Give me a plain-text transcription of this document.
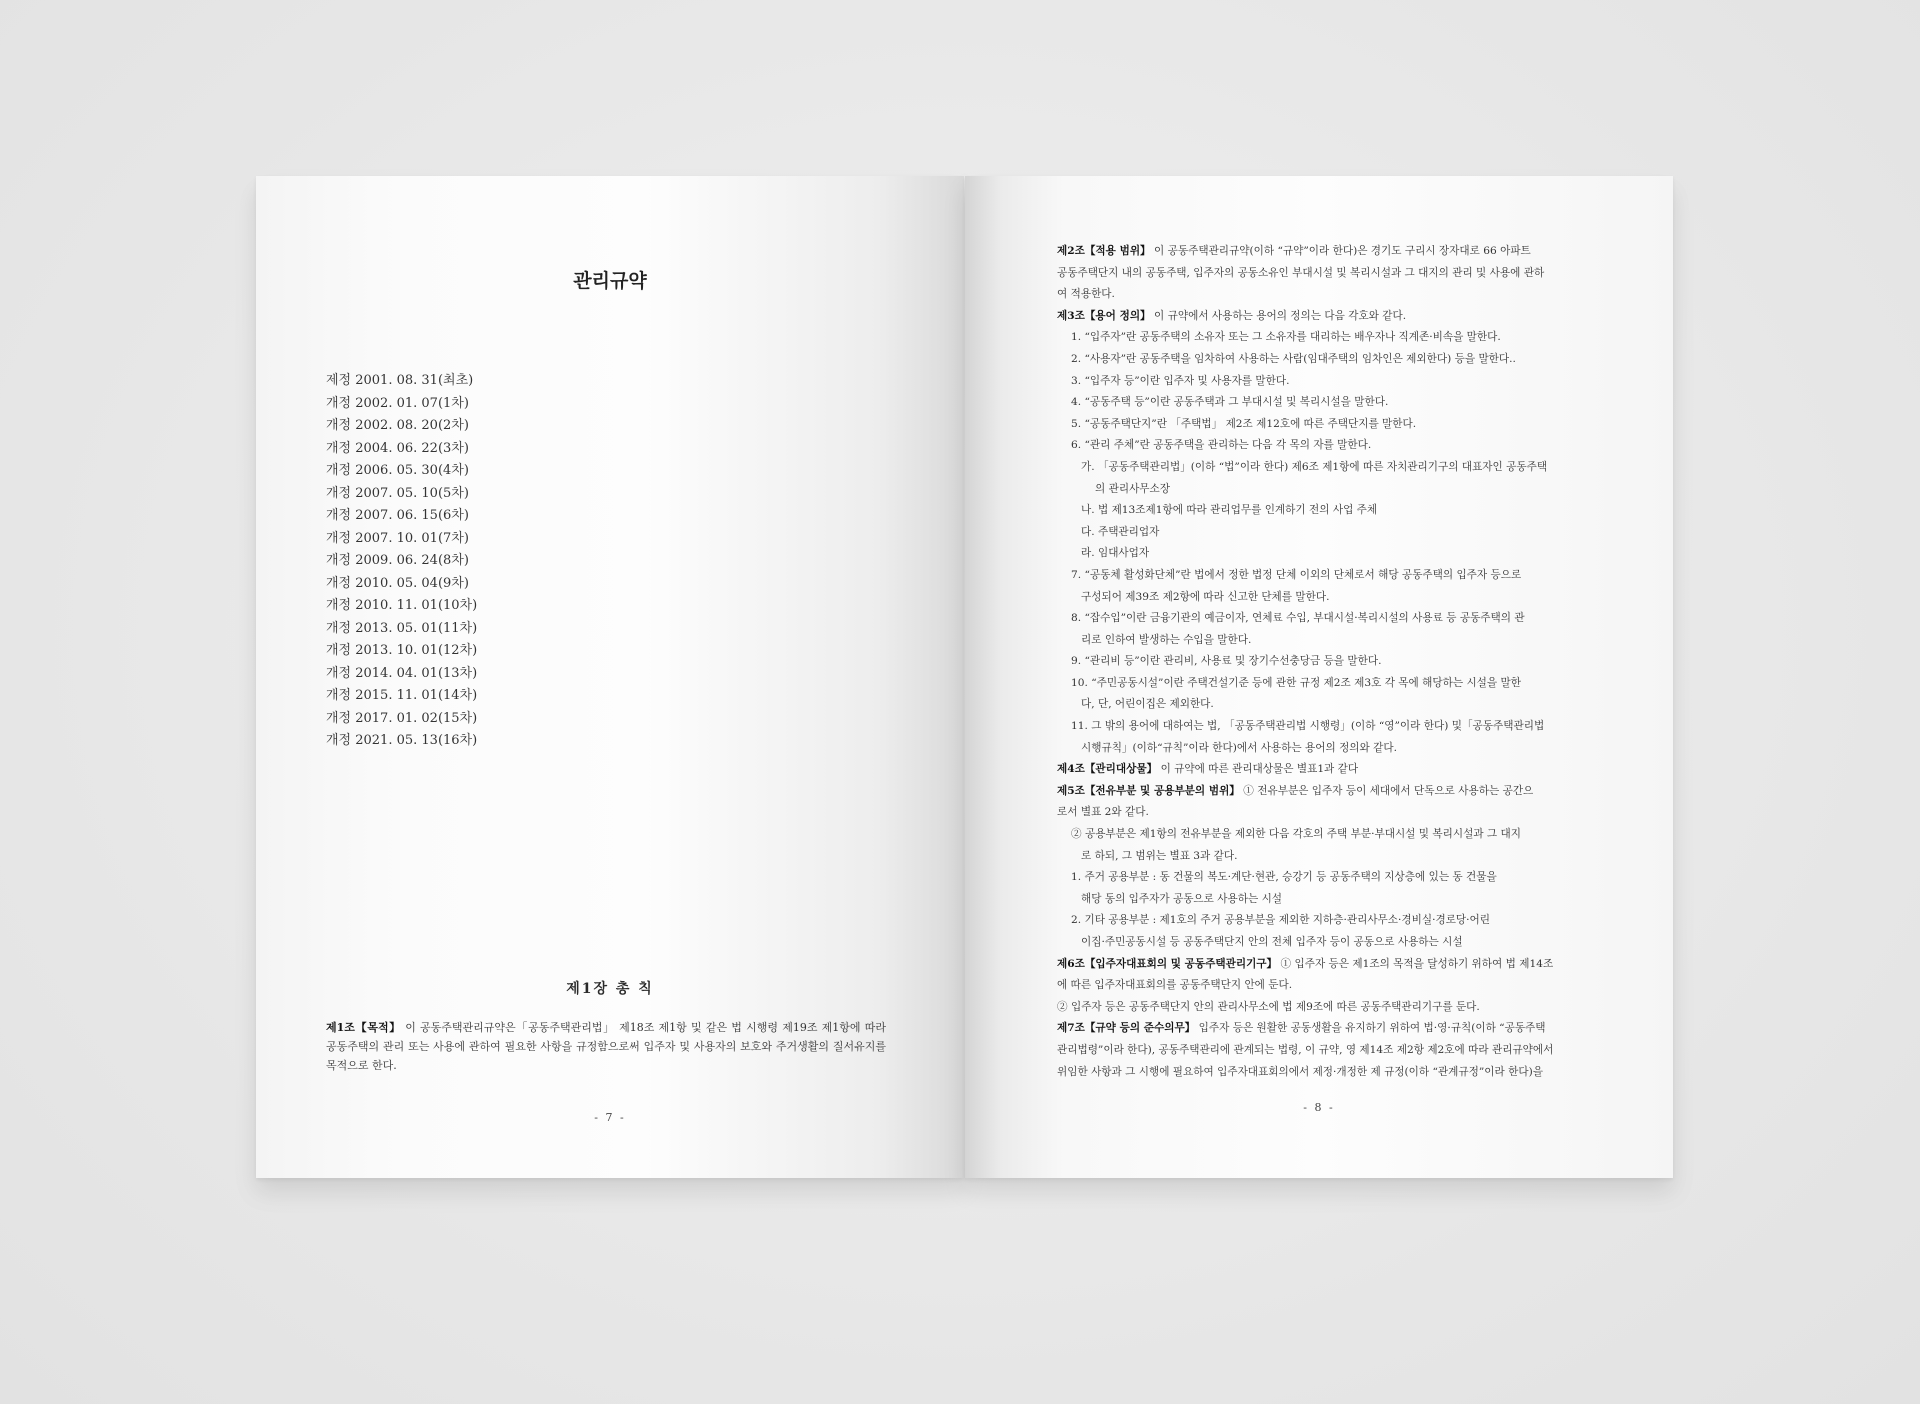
관리규약
제정 2001. 08. 31(최초)
개정 2002. 01. 07(1차)
개정 2002. 08. 20(2차)
개정 2004. 06. 22(3차)
개정 2006. 05. 30(4차)
개정 2007. 05. 10(5차)
개정 2007. 06. 15(6차)
개정 2007. 10. 01(7차)
개정 2009. 06. 24(8차)
개정 2010. 05. 04(9차)
개정 2010. 11. 01(10차)
개정 2013. 05. 01(11차)
개정 2013. 10. 01(12차)
개정 2014. 04. 01(13차)
개정 2015. 11. 01(14차)
개정 2017. 01. 02(15차)
개정 2021. 05. 13(16차)
제1장 총 칙
제1조【목적】 이 공동주택관리규약은「공동주택관리법」 제18조 제1항 및 같은 법 시행령 제19조 제1항에 따라 공동주택의 관리 또는 사용에 관하여 필요한 사항을 규정함으로써 입주자 및 사용자의 보호와 주거생활의 질서유지를 목적으로 한다.
- 7 -
제2조【적용 범위】 이 공동주택관리규약(이하 “규약”이라 한다)은 경기도 구리시 장자대로 66 아파트
공동주택단지 내의 공동주택, 입주자의 공동소유인 부대시설 및 복리시설과 그 대지의 관리 및 사용에 관하
여 적용한다.
제3조【용어 정의】 이 규약에서 사용하는 용어의 정의는 다음 각호와 같다.
1. “입주자”란 공동주택의 소유자 또는 그 소유자를 대리하는 배우자나 직계존·비속을 말한다.
2. “사용자”란 공동주택을 임차하여 사용하는 사람(임대주택의 임차인은 제외한다) 등을 말한다..
3. “입주자 등”이란 입주자 및 사용자를 말한다.
4. “공동주택 등”이란 공동주택과 그 부대시설 및 복리시설을 말한다.
5. “공동주택단지”란 「주택법」 제2조 제12호에 따른 주택단지를 말한다.
6. “관리 주체”란 공동주택을 관리하는 다음 각 목의 자를 말한다.
가. 「공동주택관리법」(이하 “법”이라 한다) 제6조 제1항에 따른 자치관리기구의 대표자인 공동주택
의 관리사무소장
나. 법 제13조제1항에 따라 관리업무를 인계하기 전의 사업 주체
다. 주택관리업자
라. 임대사업자
7. “공동체 활성화단체”란 법에서 정한 법정 단체 이외의 단체로서 해당 공동주택의 입주자 등으로
구성되어 제39조 제2항에 따라 신고한 단체를 말한다.
8. “잡수입”이란 금융기관의 예금이자, 연체료 수입, 부대시설·복리시설의 사용료 등 공동주택의 관
리로 인하여 발생하는 수입을 말한다.
9. “관리비 등”이란 관리비, 사용료 및 장기수선충당금 등을 말한다.
10. “주민공동시설”이란 주택건설기준 등에 관한 규정 제2조 제3호 각 목에 해당하는 시설을 말한
다, 단, 어린이집은 제외한다.
11. 그 밖의 용어에 대하여는 법, 「공동주택관리법 시행령」(이하 “영”이라 한다) 및「공동주택관리법
시행규칙」(이하“규칙”이라 한다)에서 사용하는 용어의 정의와 같다.
제4조【관리대상물】 이 규약에 따른 관리대상물은 별표1과 같다
제5조【전유부분 및 공용부분의 범위】 ① 전유부분은 입주자 등이 세대에서 단독으로 사용하는 공간으
로서 별표 2와 같다.
② 공용부분은 제1항의 전유부분을 제외한 다음 각호의 주택 부분·부대시설 및 복리시설과 그 대지
로 하되, 그 범위는 별표 3과 같다.
1. 주거 공용부분 : 동 건물의 복도·계단·현관, 승강기 등 공동주택의 지상층에 있는 동 건물을
해당 동의 입주자가 공동으로 사용하는 시설
2. 기타 공용부분 : 제1호의 주거 공용부분을 제외한 지하층·관리사무소·경비실·경로당·어린
이집·주민공동시설 등 공동주택단지 안의 전체 입주자 등이 공동으로 사용하는 시설
제6조【입주자대표회의 및 공동주택관리기구】 ① 입주자 등은 제1조의 목적을 달성하기 위하여 법 제14조
에 따른 입주자대표회의를 공동주택단지 안에 둔다.
② 입주자 등은 공동주택단지 안의 관리사무소에 법 제9조에 따른 공동주택관리기구를 둔다.
제7조【규약 등의 준수의무】 입주자 등은 원활한 공동생활을 유지하기 위하여 법·영·규칙(이하 “공동주택
관리법령”이라 한다), 공동주택관리에 관계되는 법령, 이 규약, 영 제14조 제2항 제2호에 따라 관리규약에서
위임한 사항과 그 시행에 필요하여 입주자대표회의에서 제정·개정한 제 규정(이하 “관계규정”이라 한다)을
- 8 -
